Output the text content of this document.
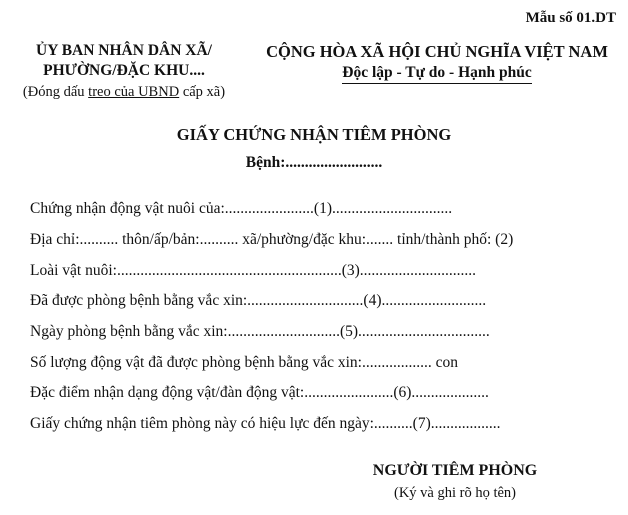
Mẫu số 01.DT
ỦY BAN NHÂN DÂN XÃ/
PHƯỜNG/ĐẶC KHU....
(Đóng dấu treo của UBND cấp xã)
CỘNG HÒA XÃ HỘI CHỦ NGHĨA VIỆT NAM
Độc lập - Tự do - Hạnh phúc
GIẤY CHỨNG NHẬN TIÊM PHÒNG
Bệnh:.........................
Chứng nhận động vật nuôi của:.......................(1)...............................
Địa chỉ:.......... thôn/ấp/bản:.......... xã/phường/đặc khu:....... tỉnh/thành phố: (2)
Loài vật nuôi:..........................................................(3)..............................
Đã được phòng bệnh bằng vắc xin:..............................(4)...........................
Ngày phòng bệnh bằng vắc xin:.............................(5)..................................
Số lượng động vật đã được phòng bệnh bằng vắc xin:.................. con
Đặc điểm nhận dạng động vật/đàn động vật:.......................(6)....................
Giấy chứng nhận tiêm phòng này có hiệu lực đến ngày:..........(7)..................
NGƯỜI TIÊM PHÒNG
(Ký và ghi rõ họ tên)
